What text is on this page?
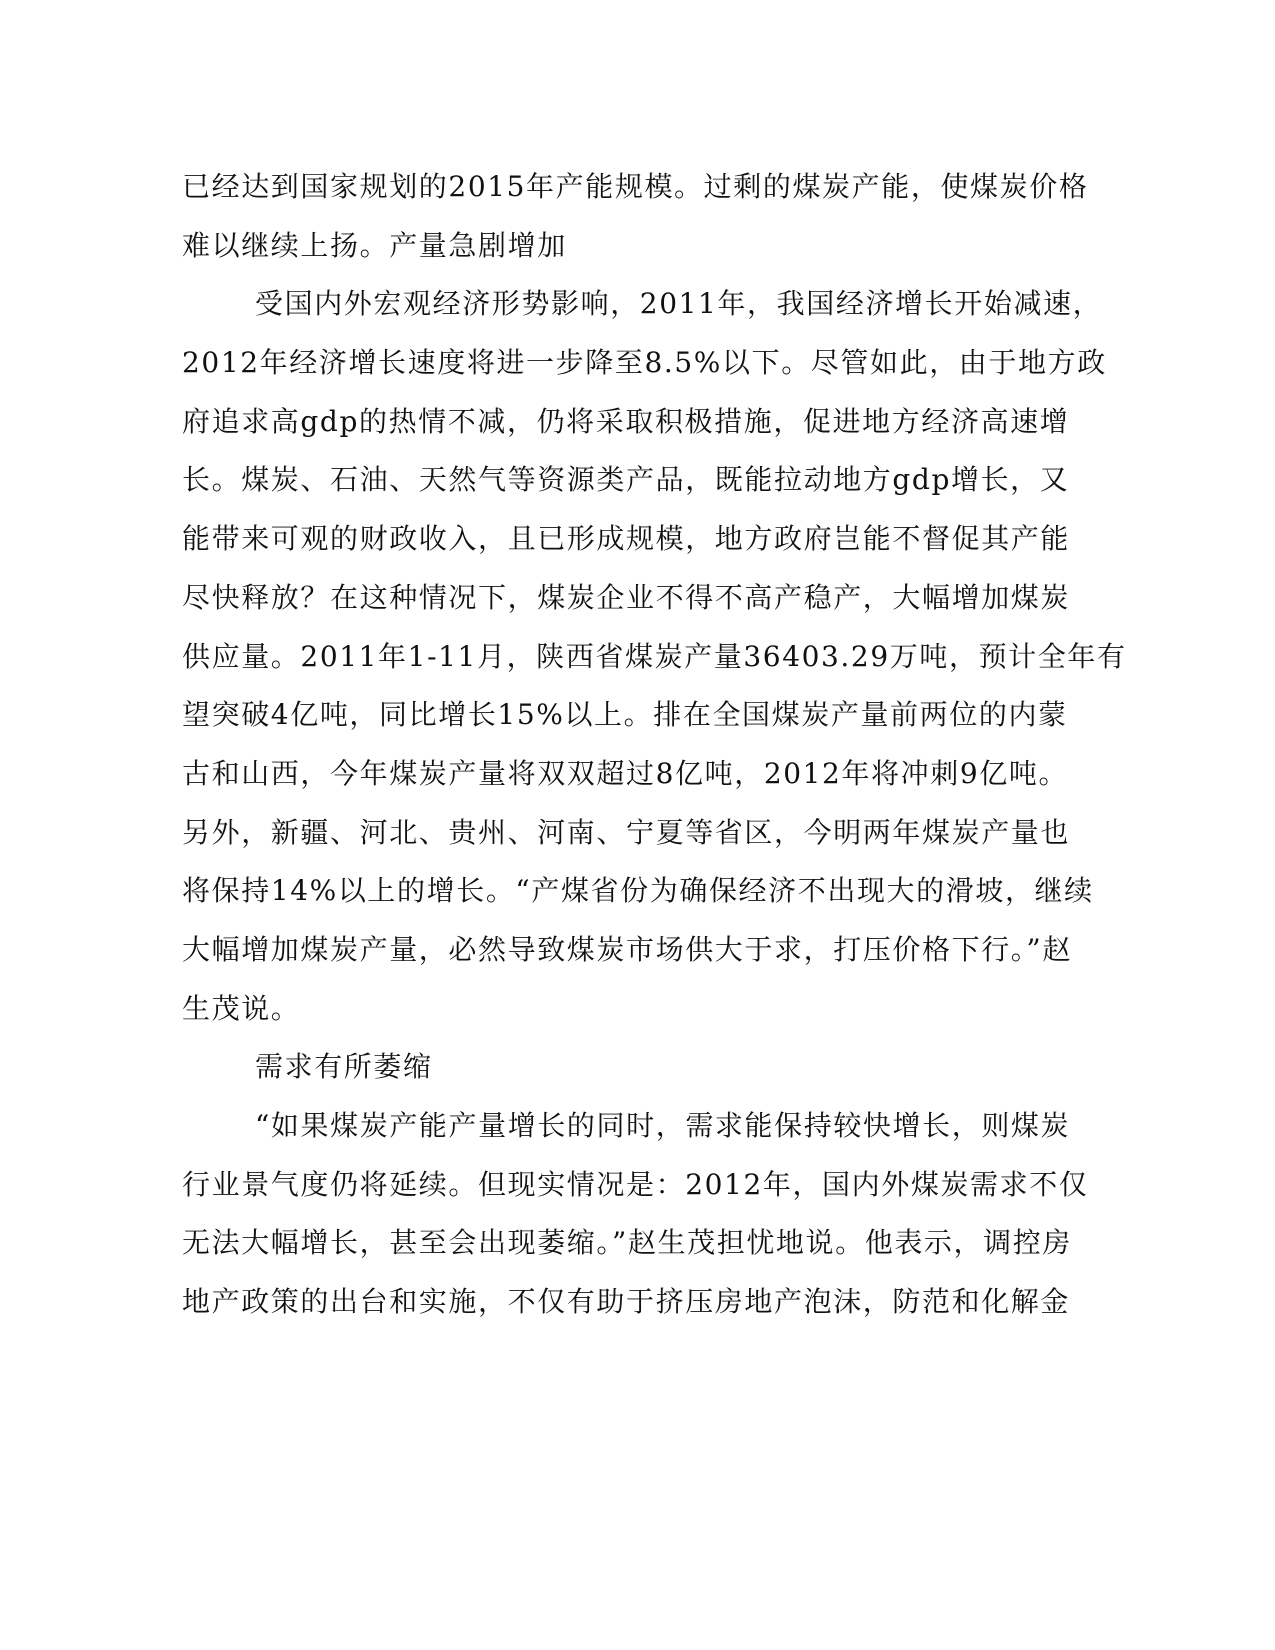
已经达到国家规划的2015年产能规模。过剩的煤炭产能，使煤炭价格
难以继续上扬。产量急剧增加
受国内外宏观经济形势影响，2011年，我国经济增长开始减速，
2012年经济增长速度将进一步降至8.5%以下。尽管如此，由于地方政
府追求高gdp的热情不减，仍将采取积极措施，促进地方经济高速增
长。煤炭、石油、天然气等资源类产品，既能拉动地方gdp增长，又
能带来可观的财政收入，且已形成规模，地方政府岂能不督促其产能
尽快释放？在这种情况下，煤炭企业不得不高产稳产，大幅增加煤炭
供应量。2011年1-11月，陕西省煤炭产量36403.29万吨，预计全年有
望突破4亿吨，同比增长15%以上。排在全国煤炭产量前两位的内蒙
古和山西，今年煤炭产量将双双超过8亿吨，2012年将冲刺9亿吨。
另外，新疆、河北、贵州、河南、宁夏等省区，今明两年煤炭产量也
将保持14%以上的增长。“产煤省份为确保经济不出现大的滑坡，继续
大幅增加煤炭产量，必然导致煤炭市场供大于求，打压价格下行。”赵
生茂说。
需求有所萎缩
“如果煤炭产能产量增长的同时，需求能保持较快增长，则煤炭
行业景气度仍将延续。但现实情况是：2012年，国内外煤炭需求不仅
无法大幅增长，甚至会出现萎缩。”赵生茂担忧地说。他表示，调控房
地产政策的出台和实施，不仅有助于挤压房地产泡沫，防范和化解金
